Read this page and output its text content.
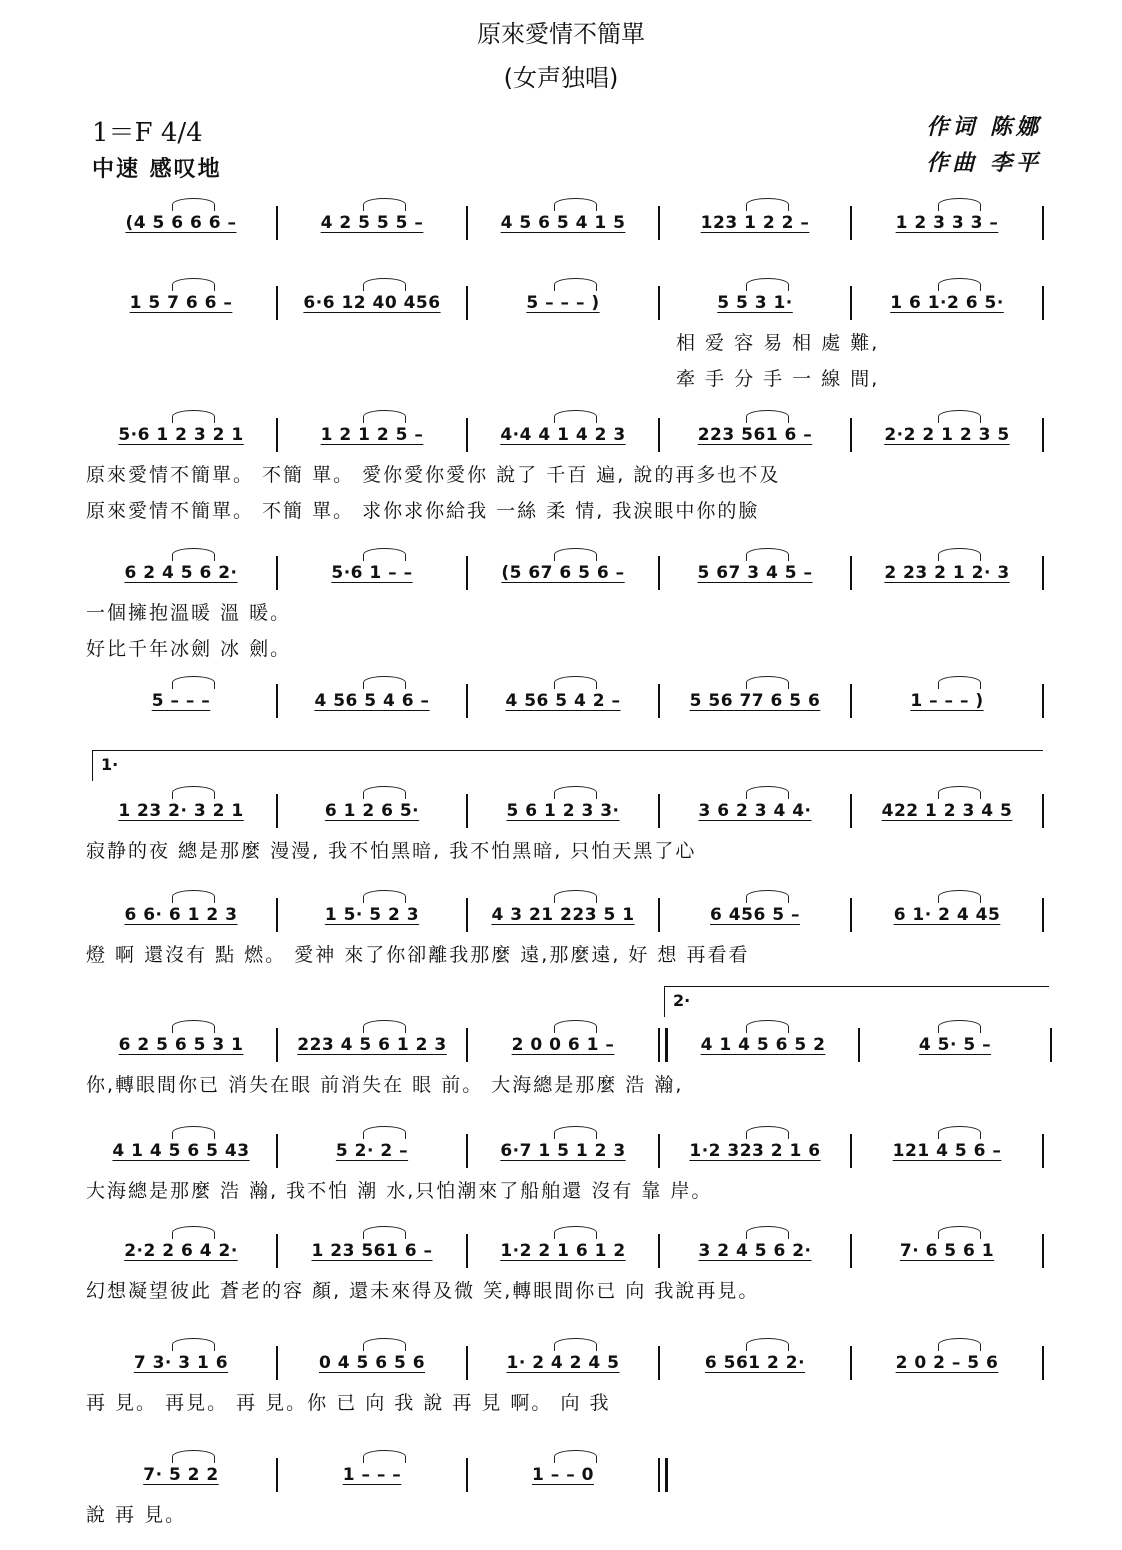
原來愛情不簡單
(女声独唱)
1＝F 4/4
中速 感叹地
作词 陈娜
作曲 李平
(4 5 6 6 6 –	4 2 5 5 5 –	4 5 6 5 4 1 5	123 1 2 2 –	1 2 3 3 3 –
1 5 7 6 6 –	6·6 12 40 456	5 – – – )	5 5 3 1·	1 6 1·2 6 5·
相 爱 容 易 相 處 難,
牽 手 分 手 一 線 間,
5·6 1 2 3 2 1	1 2 1 2 5 –	4·4 4 1 4 2 3	223 561 6 –	2·2 2 1 2 3 5
原來愛情不簡單。 不簡 單。 愛你愛你愛你 說了 千百 遍, 說的再多也不及
原來愛情不簡單。 不簡 單。 求你求你給我 一絲 柔 情, 我淚眼中你的臉
6 2 4 5 6 2·	5·6 1 – –	(5 67 6 5 6 –	5 67 3 4 5 –	2 23 2 1 2· 3
一個擁抱溫暖 溫 暖。
好比千年冰劍 冰 劍。
5 – – –	4 56 5 4 6 –	4 56 5 4 2 –	5 56 77 6 5 6	1 – – – )
1·
1 23 2· 3 2 1	6 1 2 6 5·	5 6 1 2 3 3·	3 6 2 3 4 4·	422 1 2 3 4 5
寂静的夜 總是那麼 漫漫, 我不怕黑暗, 我不怕黑暗, 只怕天黑了心
6 6· 6 1 2 3	1 5· 5 2 3	4 3 21 223 5 1	6 456 5 –	6 1· 2 4 45
燈 啊 還沒有 點 燃。 愛神 來了你卻離我那麼 遠,那麼遠, 好 想 再看看
2·
6 2 5 6 5 3 1	223 4 5 6 1 2 3	2 0 0 6 1 –	4 1 4 5 6 5 2	4 5· 5 –
你,轉眼間你已 消失在眼 前消失在 眼 前。 大海總是那麼 浩 瀚,
4 1 4 5 6 5 43	5 2· 2 –	6·7 1 5 1 2 3	1·2 323 2 1 6	121 4 5 6 –
大海總是那麼 浩 瀚, 我不怕 潮 水,只怕潮來了船舶還 沒有 靠 岸。
2·2 2 6 4 2·	1 23 561 6 –	1·2 2 1 6 1 2	3 2 4 5 6 2·	7· 6 5 6 1
幻想凝望彼此 蒼老的容 顏, 還未來得及微 笑,轉眼間你已 向 我說再見。
7 3· 3 1 6	0 4 5 6 5 6	1· 2 4 2 4 5	6 561 2 2·	2 0 2 – 5 6
再 見。 再見。 再 見。你 已 向 我 說 再 見 啊。 向 我
7· 5 2 2	1 – – –	1 – – 0
說 再 見。
